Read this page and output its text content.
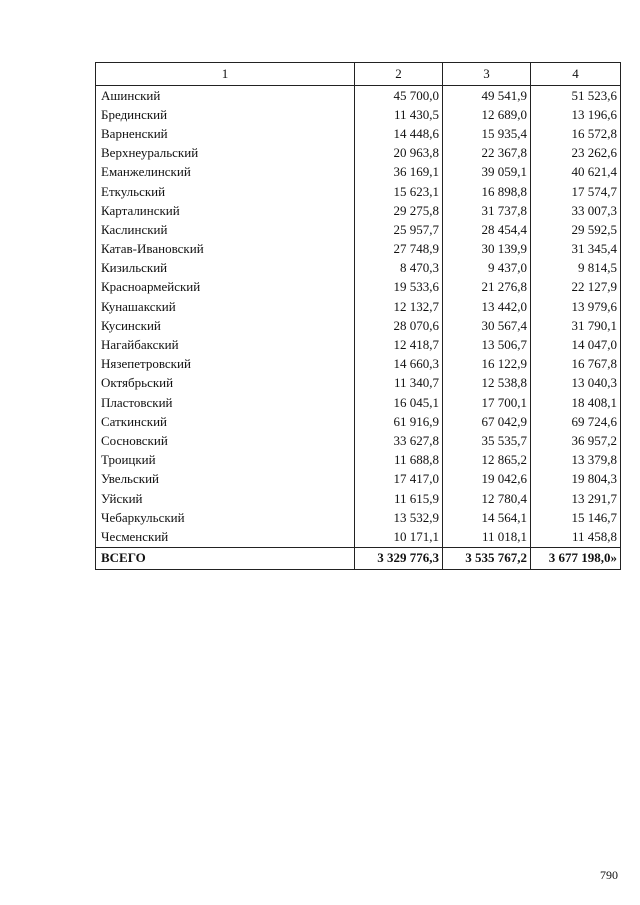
1	2	3	4
Ашинский	45 700,0	49 541,9	51 523,6
Брединский	11 430,5	12 689,0	13 196,6
Варненский	14 448,6	15 935,4	16 572,8
Верхнеуральский	20 963,8	22 367,8	23 262,6
Еманжелинский	36 169,1	39 059,1	40 621,4
Еткульский	15 623,1	16 898,8	17 574,7
Карталинский	29 275,8	31 737,8	33 007,3
Каслинский	25 957,7	28 454,4	29 592,5
Катав-Ивановский	27 748,9	30 139,9	31 345,4
Кизильский	8 470,3	9 437,0	9 814,5
Красноармейский	19 533,6	21 276,8	22 127,9
Кунашакский	12 132,7	13 442,0	13 979,6
Кусинский	28 070,6	30 567,4	31 790,1
Нагайбакский	12 418,7	13 506,7	14 047,0
Нязепетровский	14 660,3	16 122,9	16 767,8
Октябрьский	11 340,7	12 538,8	13 040,3
Пластовский	16 045,1	17 700,1	18 408,1
Саткинский	61 916,9	67 042,9	69 724,6
Сосновский	33 627,8	35 535,7	36 957,2
Троицкий	11 688,8	12 865,2	13 379,8
Увельский	17 417,0	19 042,6	19 804,3
Уйский	11 615,9	12 780,4	13 291,7
Чебаркульский	13 532,9	14 564,1	15 146,7
Чесменский	10 171,1	11 018,1	11 458,8
ВСЕГО	3 329 776,3	3 535 767,2	3 677 198,0»
790
